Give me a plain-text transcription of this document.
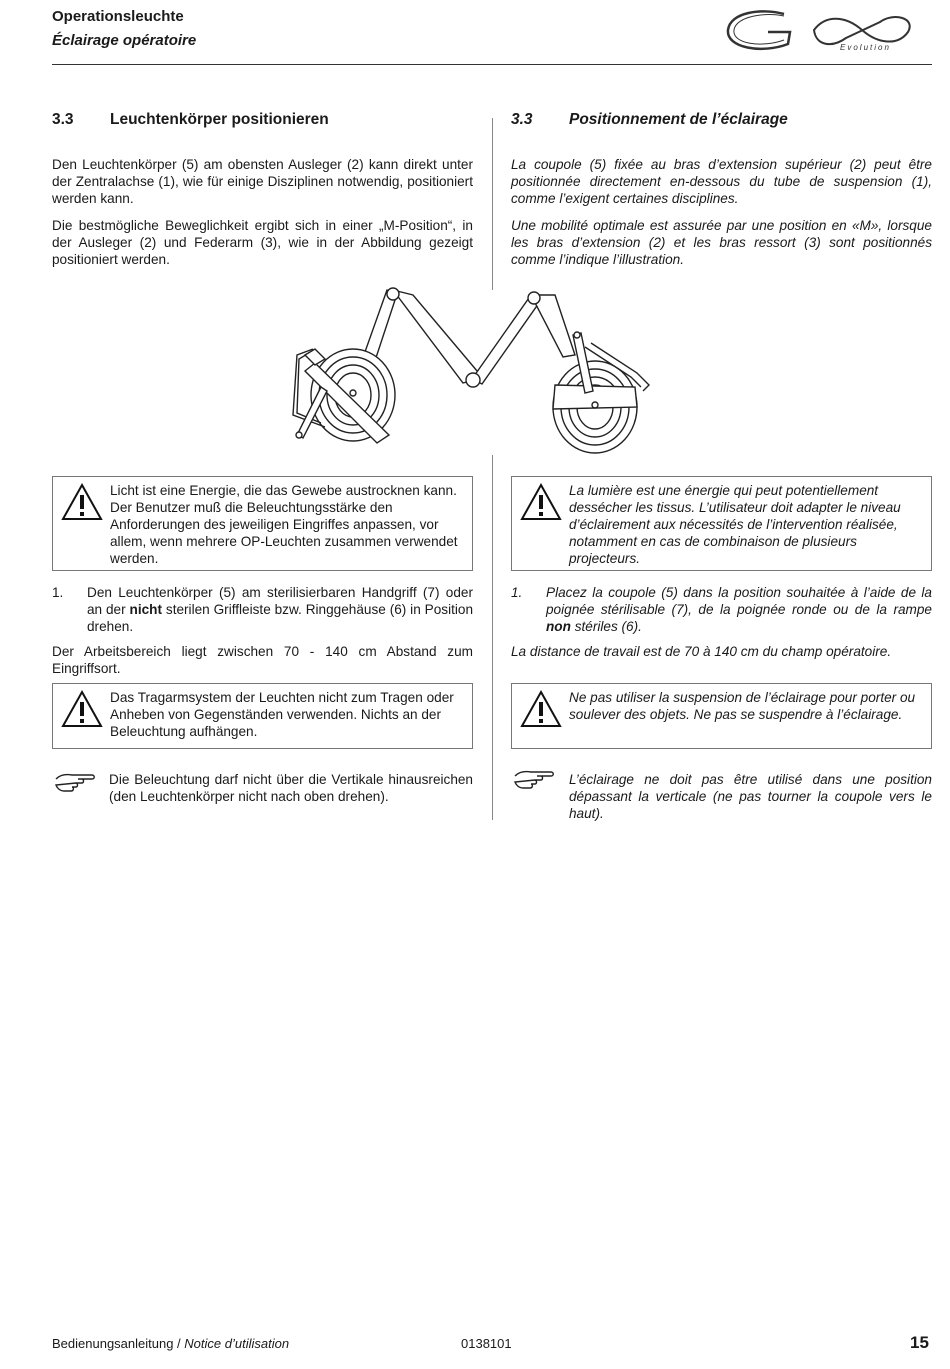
Operationsleuchte
Éclairage opératoire	Evolution
3.3 Leuchtenkörper positionieren	3.3 Positionnement de l’éclairage
Den Leuchtenkörper (5) am obensten Ausleger (2) kann direkt unter der Zentralachse (1), wie für einige Disziplinen notwendig, positioniert werden kann.
Die bestmögliche Beweglichkeit ergibt sich in einer „M-Position“, in der Ausleger (2) und Federarm (3), wie in der Abbildung gezeigt positioniert werden.
La coupole (5) fixée au bras d’extension supérieur (2) peut être positionnée directement en-dessous du tube de suspension (1), comme l’exigent certaines disciplines.
Une mobilité optimale est assurée par une position en «M», lorsque les bras d’extension (2) et les bras ressort (3) sont positionnés comme l’indique l’illustration.
Licht ist eine Energie, die das Gewebe austrocknen kann. Der Benutzer muß die Beleuchtungsstärke den Anforderungen des jeweiligen Eingriffes anpassen, vor allem, wenn mehrere OP-Leuchten zusammen verwendet werden.
La lumière est une énergie qui peut potentiellement dessécher les tissus. L’utilisateur doit adapter le niveau d’éclairement aux nécessités de l’intervention réalisée, notamment en cas de combinaison de plusieurs projecteurs.
1. Den Leuchtenkörper (5) am sterilisierbaren Handgriff (7) oder an der nicht sterilen Griffleiste bzw. Ringgehäuse (6) in Position drehen.
1. Placez la coupole (5) dans la position souhaitée à l’aide de la poignée stérilisable (7), de la poignée ronde ou de la rampe non stériles (6).
Der Arbeitsbereich liegt zwischen 70 - 140 cm Abstand zum Eingriffsort.
La distance de travail est de 70 à 140 cm du champ opératoire.
Das Tragarmsystem der Leuchten nicht zum Tragen oder Anheben von Gegenständen verwenden. Nichts an der Beleuchtung aufhängen.
Ne pas utiliser la suspension de l’éclairage pour porter ou soulever des objets. Ne pas se suspendre à l’éclairage.
Die Beleuchtung darf nicht über die Vertikale hinausreichen (den Leuchtenkörper nicht nach oben drehen).
L’éclairage ne doit pas être utilisé dans une position dépassant la verticale (ne pas tourner la coupole vers le haut).
Bedienungsanleitung / Notice d’utilisation	0138101	15
